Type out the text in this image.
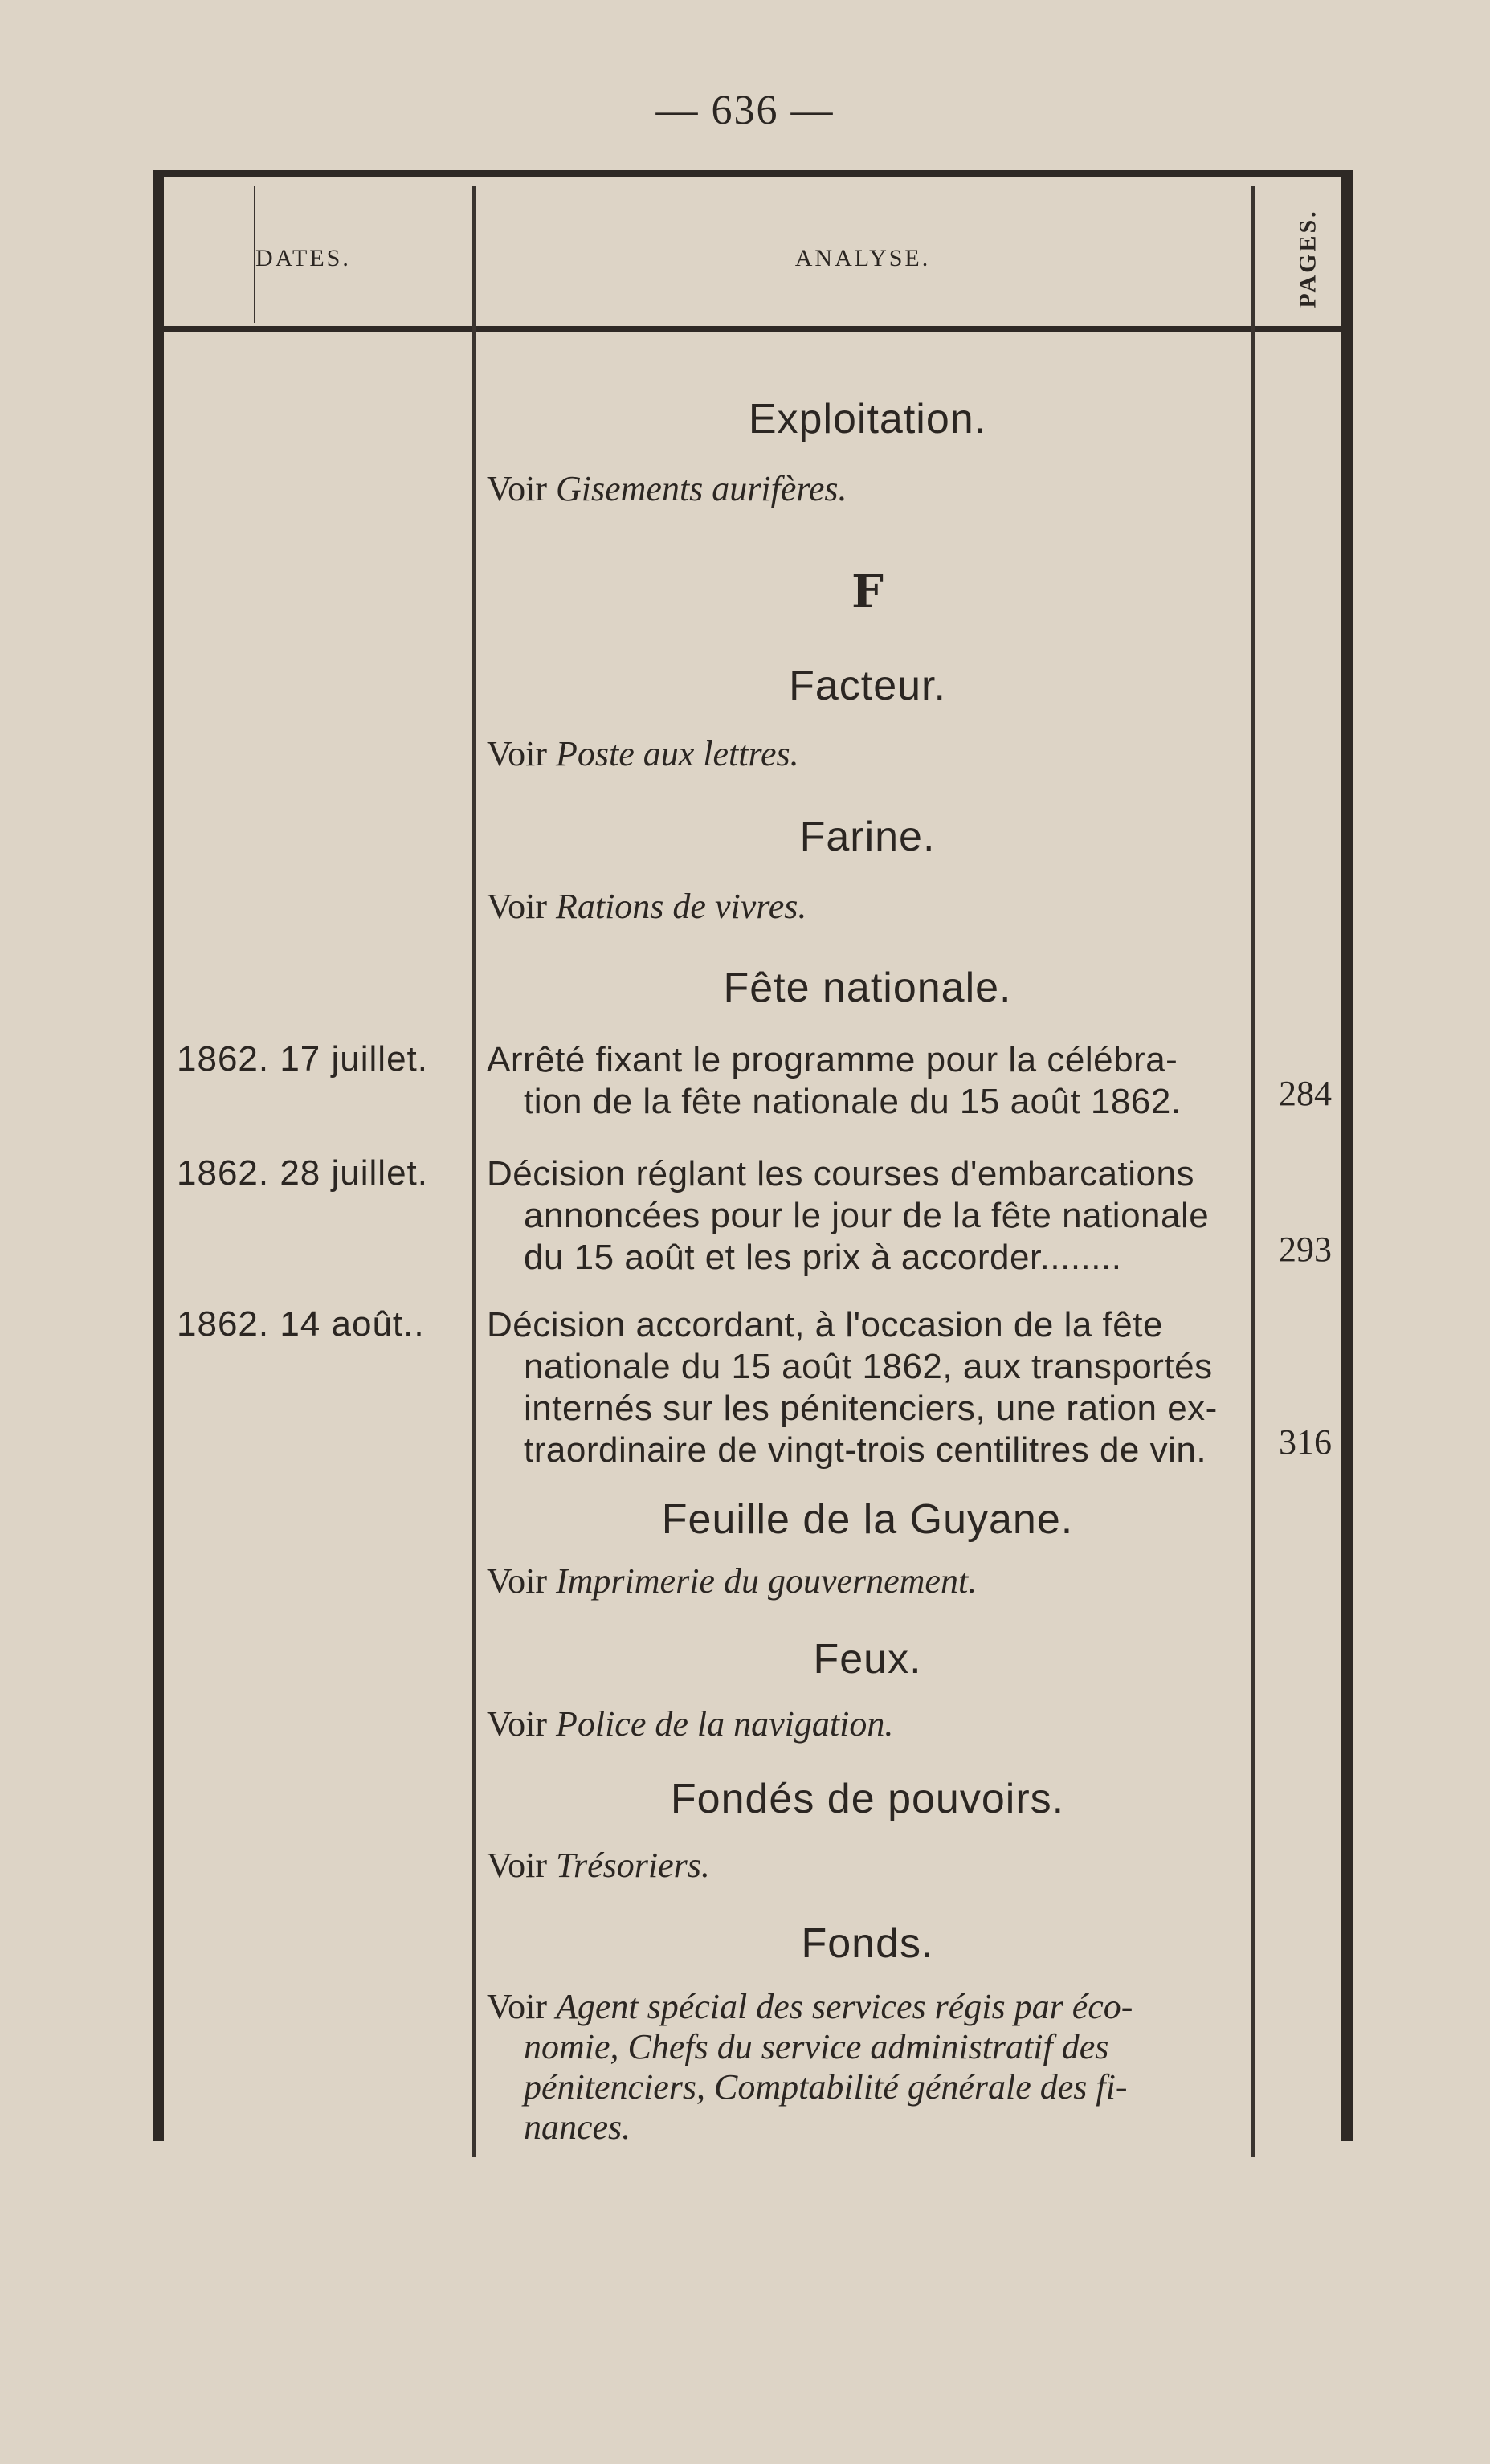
— 636 —
DATES.	ANALYSE.	PAGES.
Exploitation.
Voir Gisements aurifères.
F
Facteur.
Voir Poste aux lettres.
Farine.
Voir Rations de vivres.
Fête nationale.
1862. 17 juillet.	Arrêté fixant le programme pour la célébra-
tion de la fête nationale du 15 août 1862.	284
1862. 28 juillet.	Décision réglant les courses d'embarcations
annoncées pour le jour de la fête nationale
du 15 août et les prix à accorder........	293
1862. 14 août..	Décision accordant, à l'occasion de la fête
nationale du 15 août 1862, aux transportés
internés sur les pénitenciers, une ration ex-
traordinaire de vingt-trois centilitres de vin.	316
Feuille de la Guyane.
Voir Imprimerie du gouvernement.
Feux.
Voir Police de la navigation.
Fondés de pouvoirs.
Voir Trésoriers.
Fonds.
Voir Agent spécial des services régis par éco-
nomie, Chefs du service administratif des
pénitenciers, Comptabilité générale des fi-
nances.
